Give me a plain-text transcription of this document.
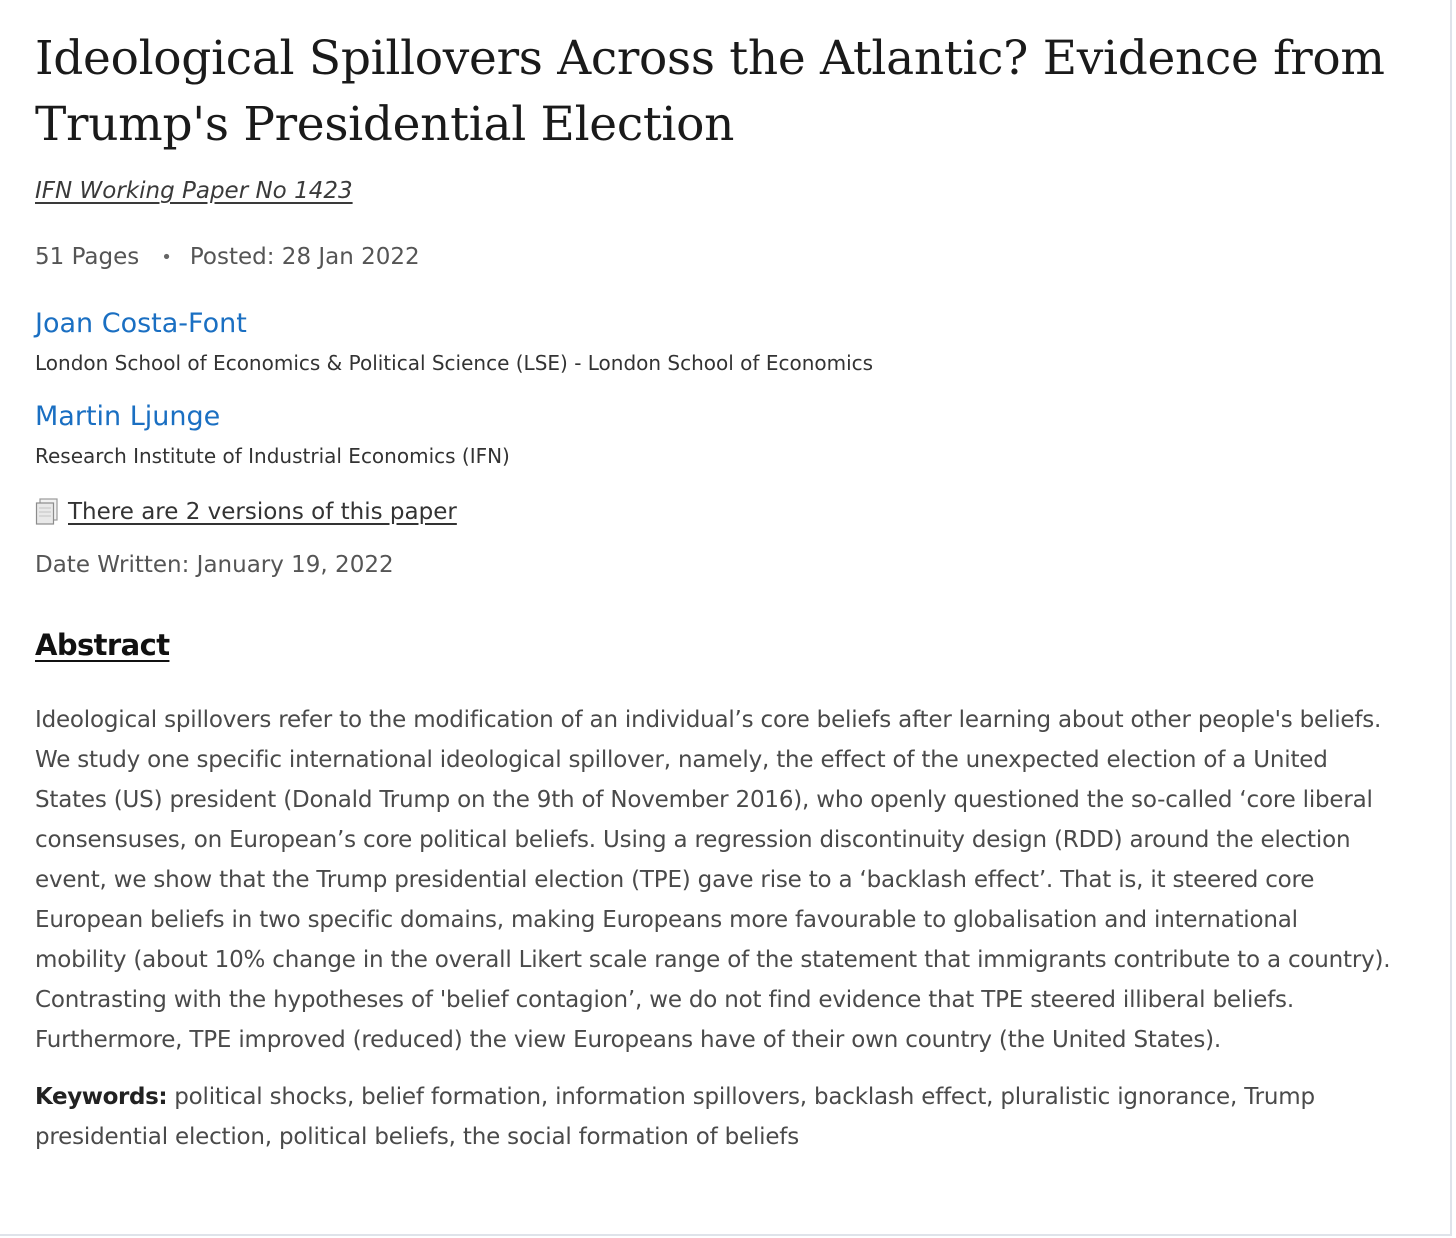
Ideological Spillovers Across the Atlantic? Evidence from Trump's Presidential Election
IFN Working Paper No 1423
51 Pages • Posted: 28 Jan 2022
Joan Costa-Font
London School of Economics & Political Science (LSE) - London School of Economics
Martin Ljunge
Research Institute of Industrial Economics (IFN)
There are 2 versions of this paper
Date Written: January 19, 2022
Abstract
Ideological spillovers refer to the modification of an individual’s core beliefs after learning about other people's beliefs. We study one specific international ideological spillover, namely, the effect of the unexpected election of a United States (US) president (Donald Trump on the 9th of November 2016), who openly questioned the so-called ‘core liberal consensuses, on European’s core political beliefs. Using a regression discontinuity design (RDD) around the election event, we show that the Trump presidential election (TPE) gave rise to a ‘backlash effect’. That is, it steered core European beliefs in two specific domains, making Europeans more favourable to globalisation and international mobility (about 10% change in the overall Likert scale range of the statement that immigrants contribute to a country). Contrasting with the hypotheses of 'belief contagion’, we do not find evidence that TPE steered illiberal beliefs. Furthermore, TPE improved (reduced) the view Europeans have of their own country (the United States).
Keywords: political shocks, belief formation, information spillovers, backlash effect, pluralistic ignorance, Trump presidential election, political beliefs, the social formation of beliefs
